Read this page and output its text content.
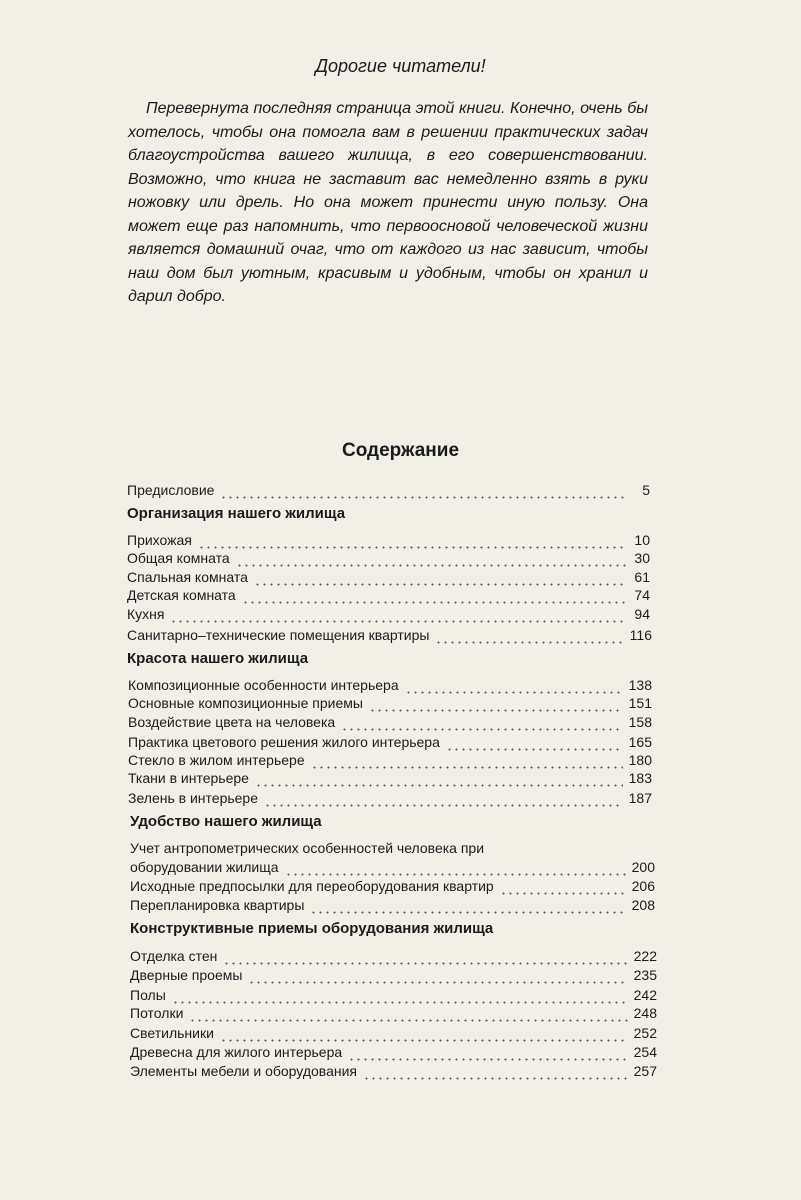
Дорогие читатели!

Перевернута последняя страница этой книги. Конечно, очень бы хотелось, чтобы она помогла вам в решении практических задач благоустройства вашего жилища, в его совершенствовании. Возможно, что книга не заставит вас немедленно взять в руки ножовку или дрель. Но она может принести иную пользу. Она может еще раз напомнить, что первоосновой человеческой жизни является домашний очаг, что от каждого из нас зависит, чтобы наш дом был уютным, красивым и удобным, чтобы он хранил и дарил добро.

Содержание
Предисловие	5
Организация нашего жилища
Прихожая	10
Общая комната	30
Спальная комната	61
Детская комната	74
Кухня	94
Санитарно–технические помещения квартиры	116
Красота нашего жилища
Композиционные особенности интерьера	138
Основные композиционные приемы	151
Воздействие цвета на человека	158
Практика цветового решения жилого интерьера	165
Стекло в жилом интерьере	180
Ткани в интерьере	183
Зелень в интерьере	187
Удобство нашего жилища
Учет антропометрических особенностей человека при
оборудовании жилища	200
Исходные предпосылки для переоборудования квартир	206
Перепланировка квартиры	208
Конструктивные приемы оборудования жилища
Отделка стен	222
Дверные проемы	235
Полы	242
Потолки	248
Светильники	252
Древесна для жилого интерьера	254
Элементы мебели и оборудования	257
